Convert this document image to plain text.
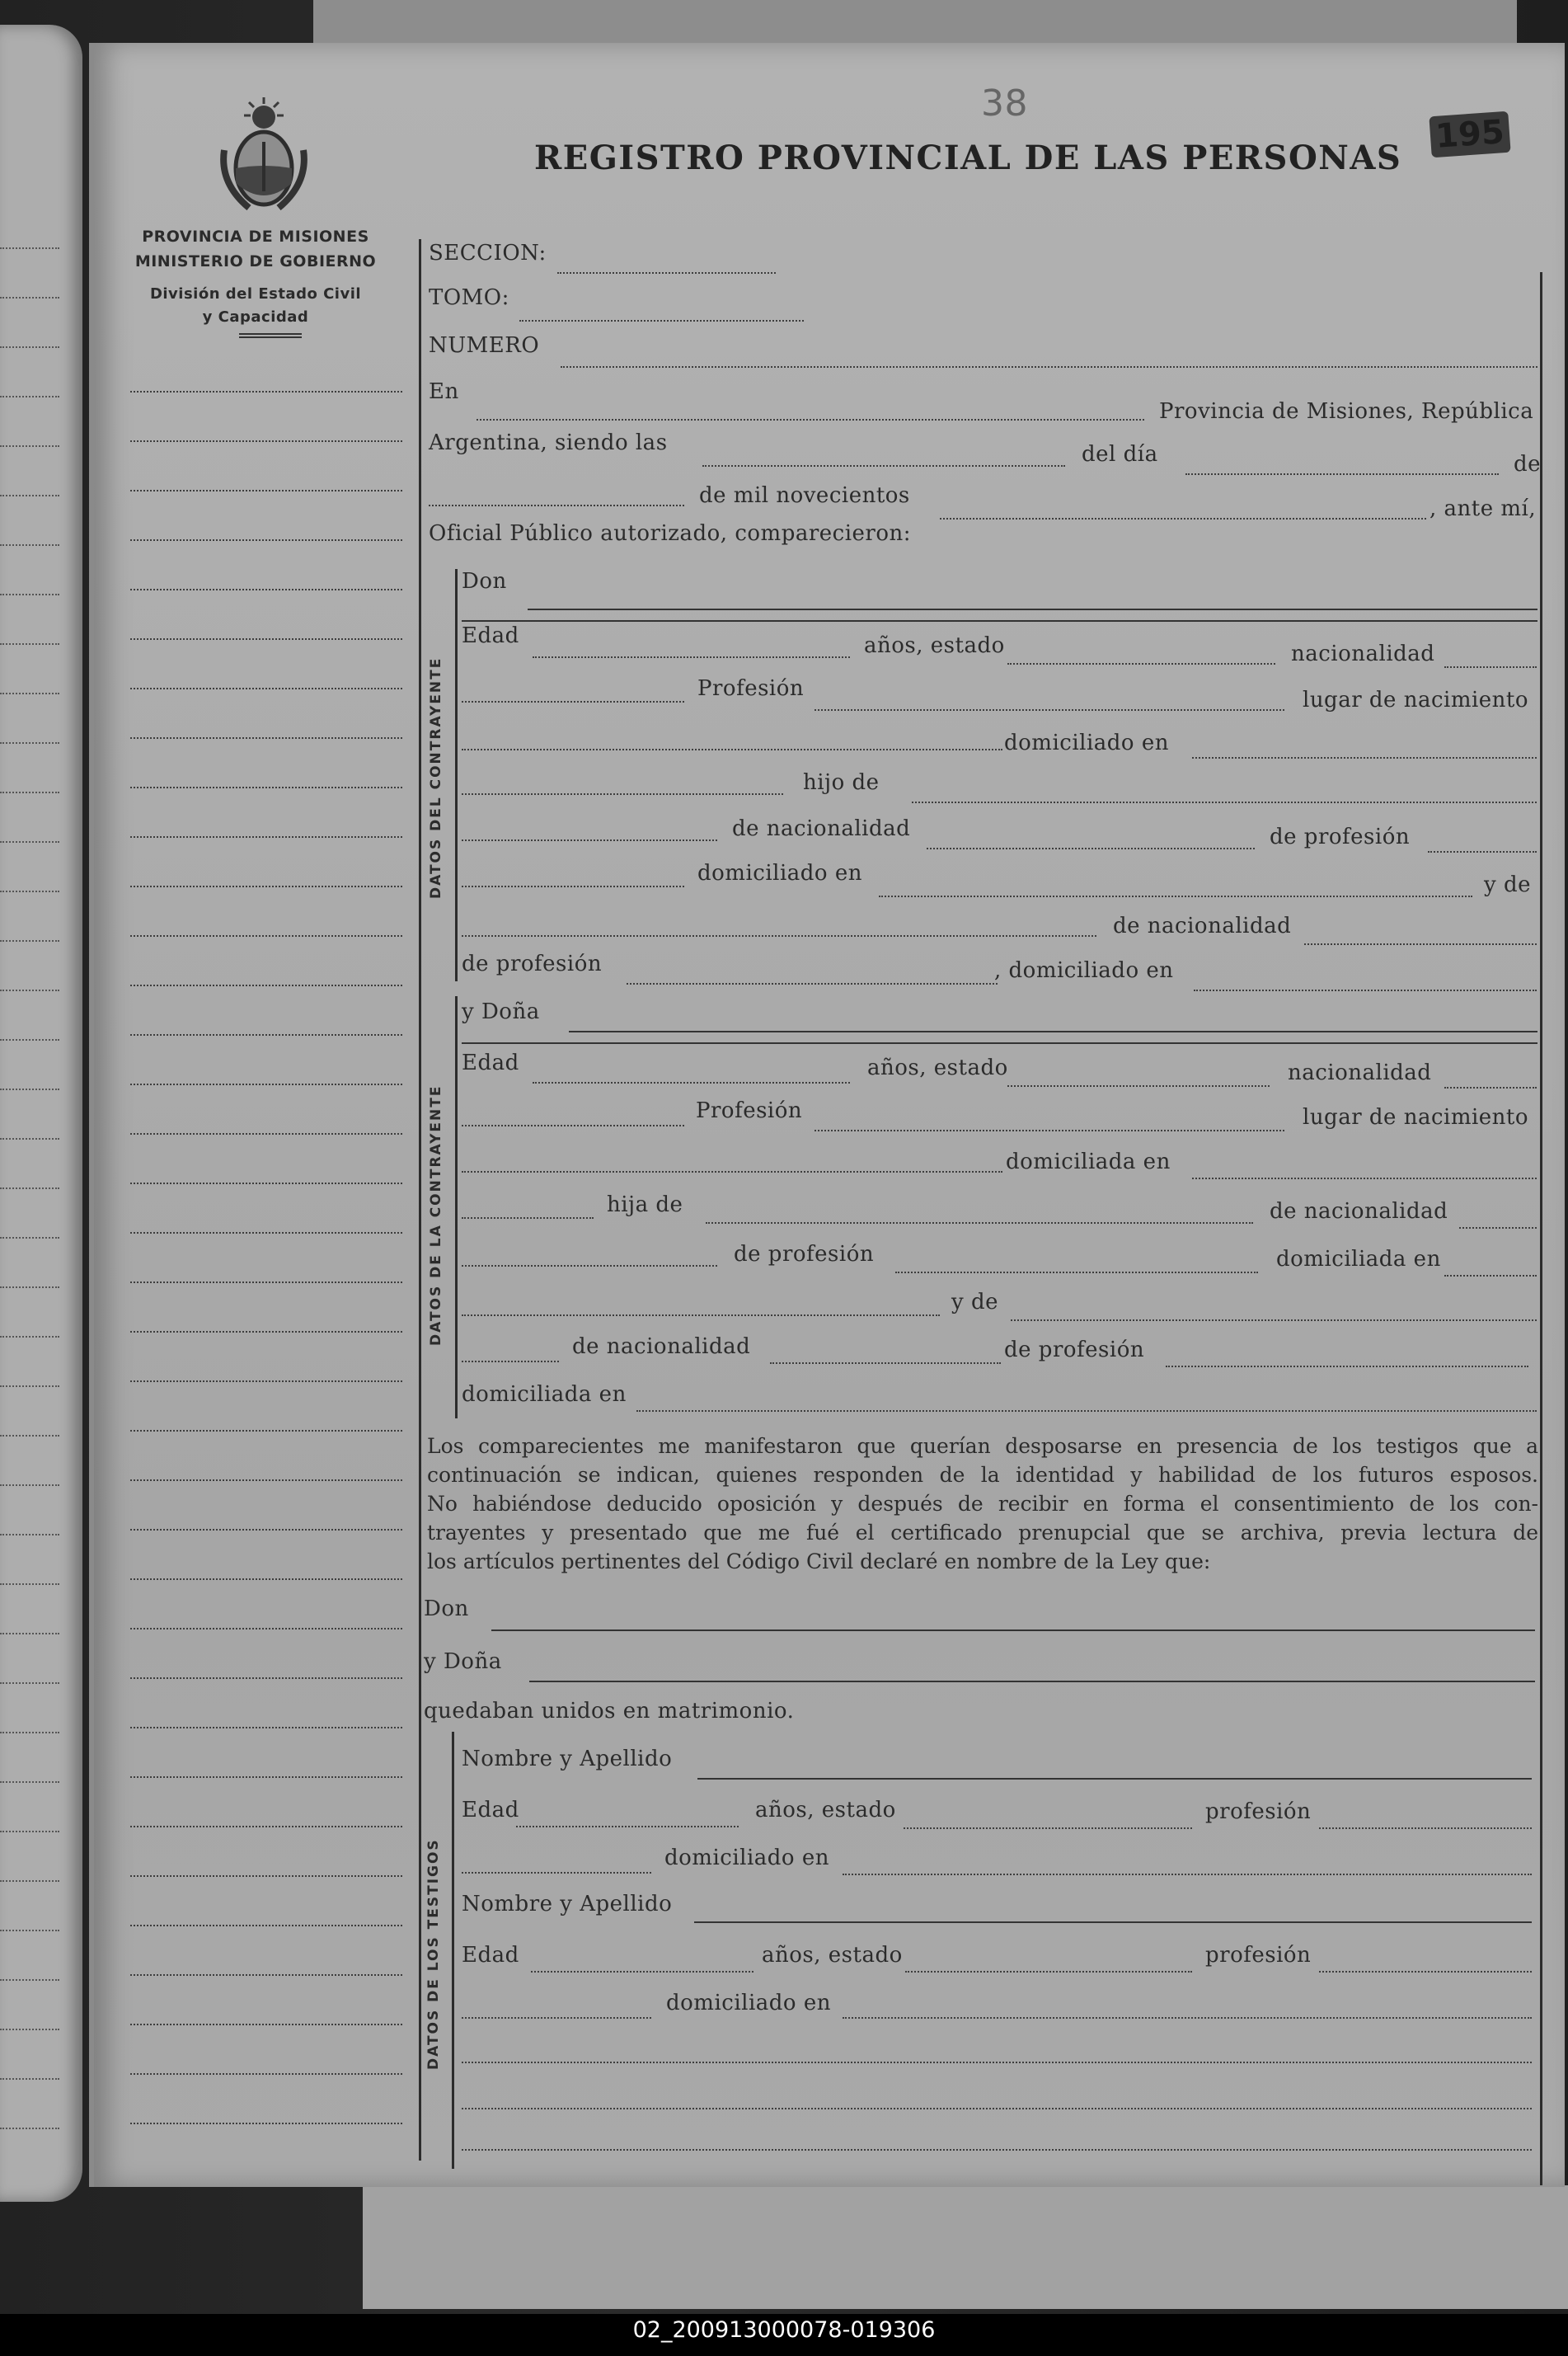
PROVINCIA DE MISIONES
MINISTERIO DE GOBIERNO
División del Estado Civil
y Capacidad
38
REGISTRO PROVINCIAL DE LAS PERSONAS
195
SECCION:
TOMO:
NUMERO
En
Provincia de Misiones, República
Argentina, siendo las	del día	de
de mil novecientos
, ante mí,
Oficial Público autorizado, comparecieron:
DATOS DEL CONTRAYENTE
Don
Edad	años, estado	nacionalidad
Profesión	lugar de nacimiento
domiciliado en
hijo de
de nacionalidad	de profesión
domiciliado en	y de
de nacionalidad
de profesión	, domiciliado en
DATOS DE LA CONTRAYENTE
y Doña
Edad	años, estado	nacionalidad
Profesión	lugar de nacimiento
domiciliada en
hija de	de nacionalidad
de profesión	domiciliada en
y de
de nacionalidad	de profesión
domiciliada en
Los comparecientes me manifestaron que querían desposarse en presencia de los testigos que a
continuación se indican, quienes responden de la identidad y habilidad de los futuros esposos.
No habiéndose deducido oposición y después de recibir en forma el consentimiento de los con-
trayentes y presentado que me fué el certificado prenupcial que se archiva, previa lectura de
los artículos pertinentes del Código Civil declaré en nombre de la Ley que:
Don
y Doña
quedaban unidos en matrimonio.
DATOS DE LOS TESTIGOS
Nombre y Apellido
Edad	años, estado	profesión
domiciliado en
Nombre y Apellido
Edad	años, estado	profesión
domiciliado en
02_200913000078-019306
